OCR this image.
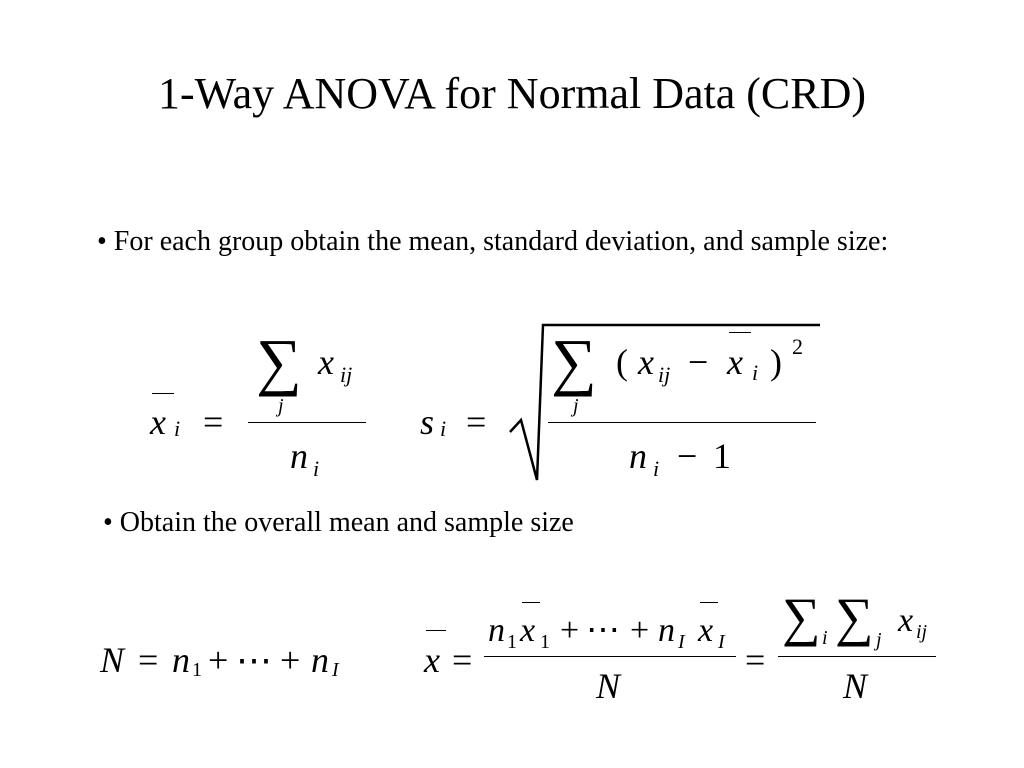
1-Way ANOVA for Normal Data (CRD)
• For each group obtain the mean, standard deviation, and sample size:
x i =
∑
j
x ij
n i
s i =
∑
j
( x ij − x i ) 2
n i − 1
• Obtain the overall mean and sample size
N = n 1 + ⋯ + n I x =
n 1 x 1 + ⋯ + n I x I
N
=
∑ i ∑ j
x ij
N
